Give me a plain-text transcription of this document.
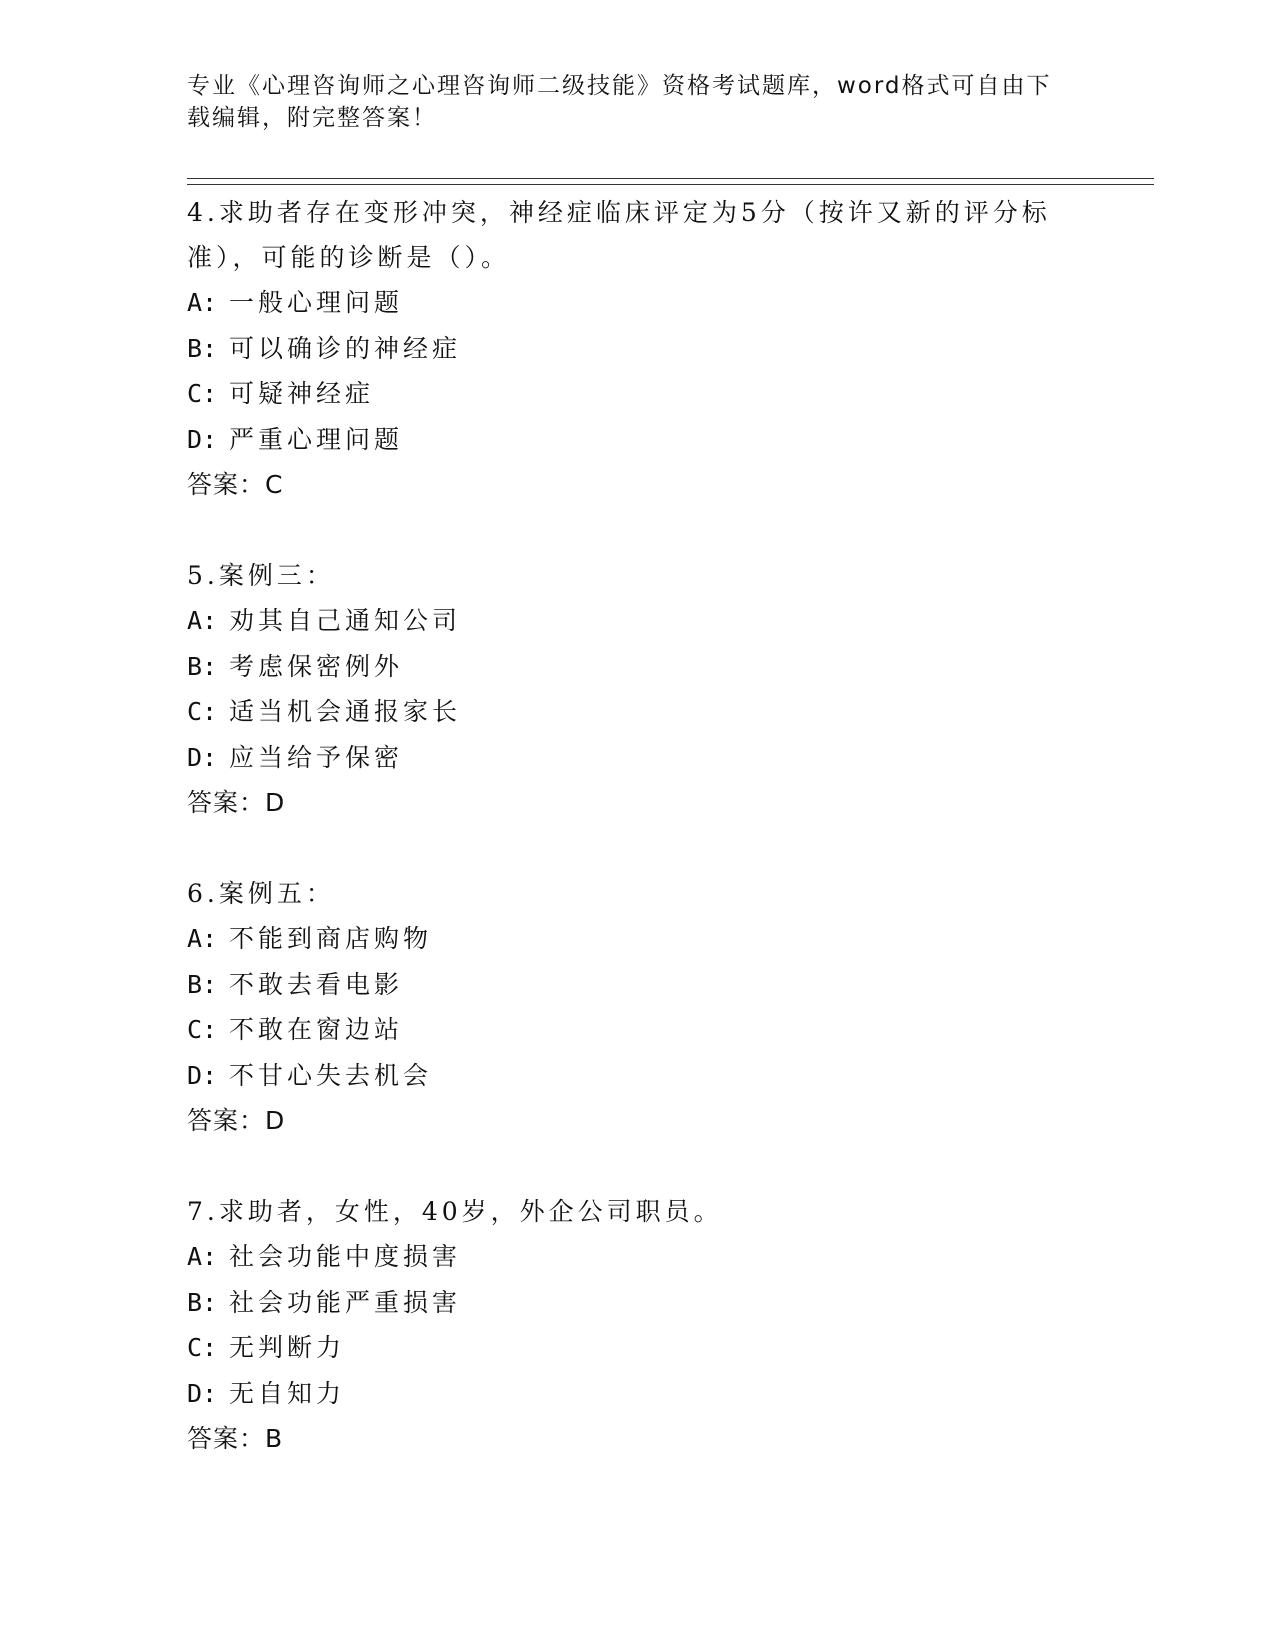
专业《心理咨询师之心理咨询师二级技能》资格考试题库，word格式可自由下载编辑，附完整答案！

4.求助者存在变形冲突，神经症临床评定为5分（按许又新的评分标准），可能的诊断是（）。

A: 一般心理问题

B: 可以确诊的神经症

C: 可疑神经症

D: 严重心理问题

答案：C

5.案例三：

A: 劝其自己通知公司

B: 考虑保密例外

C: 适当机会通报家长

D: 应当给予保密

答案：D

6.案例五：

A: 不能到商店购物

B: 不敢去看电影

C: 不敢在窗边站

D: 不甘心失去机会

答案：D

7.求助者，女性，40岁，外企公司职员。

A: 社会功能中度损害

B: 社会功能严重损害

C: 无判断力

D: 无自知力

答案：B
